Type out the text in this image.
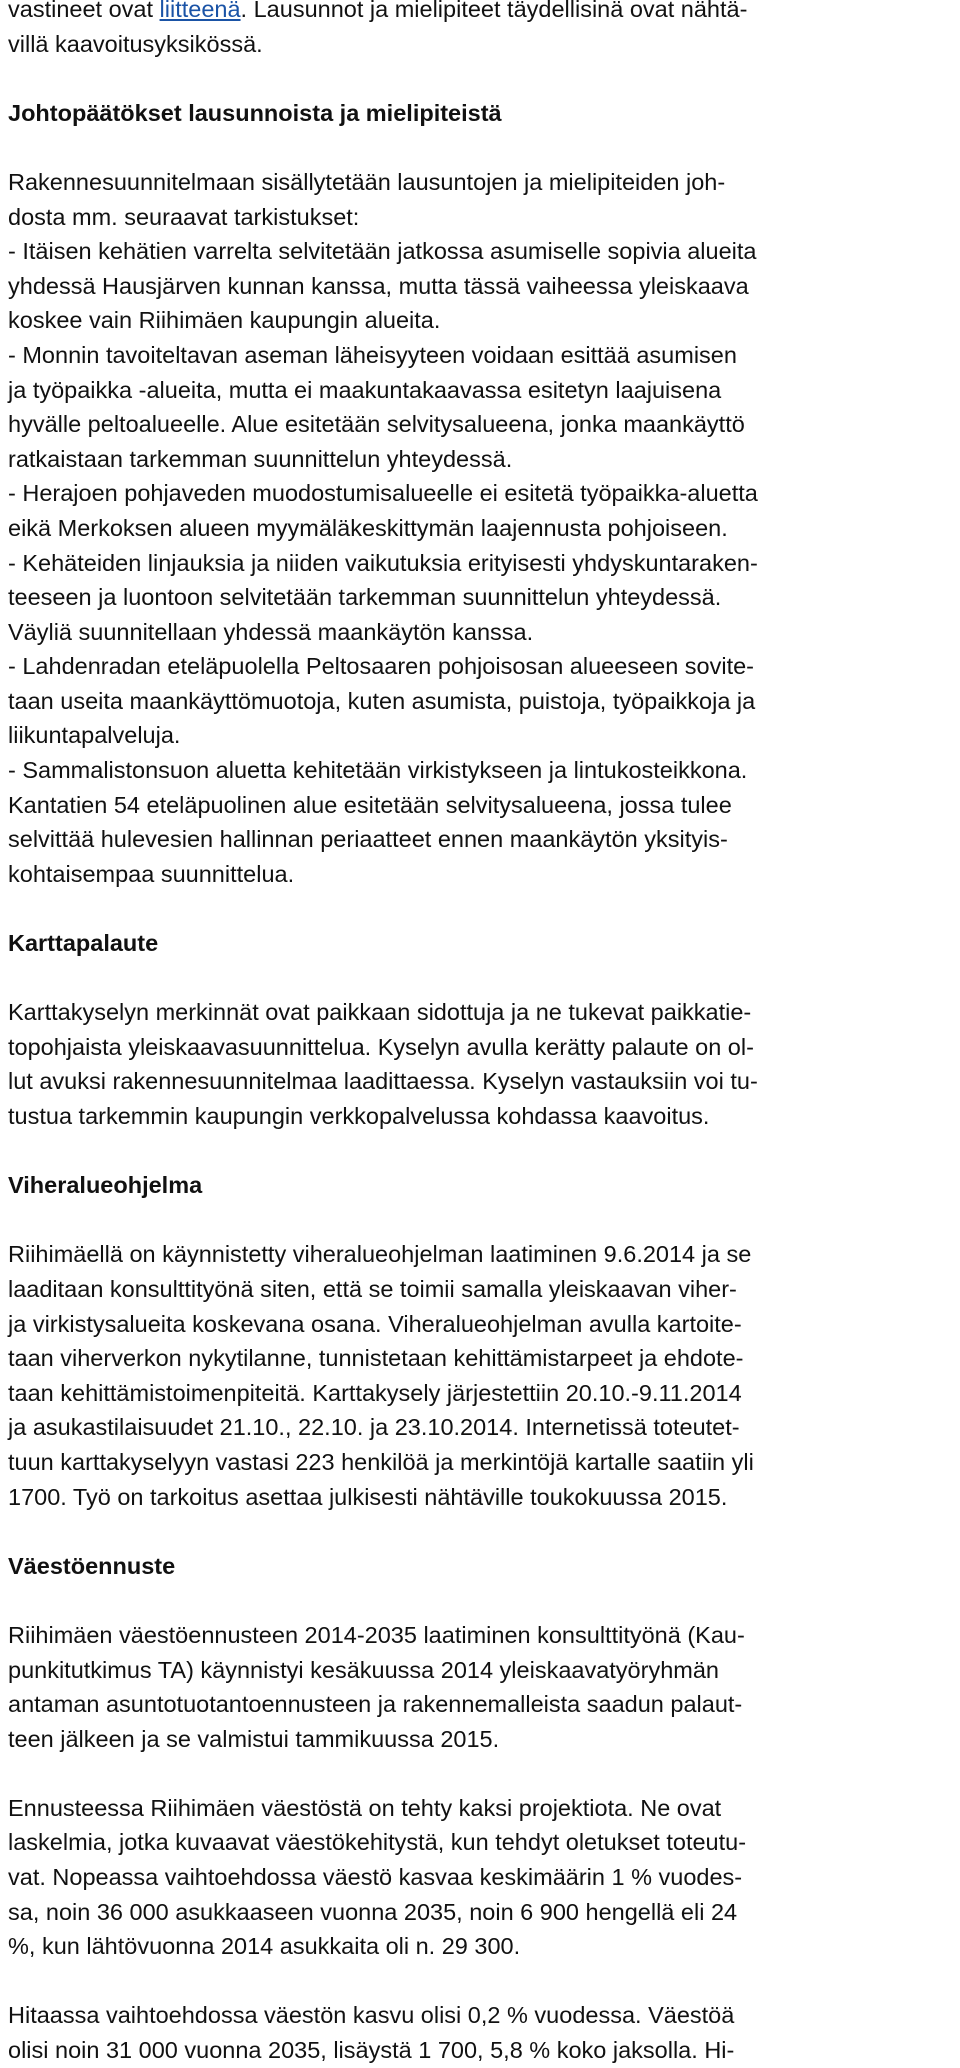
vastineet ovat liitteenä. Lausunnot ja mielipiteet täydellisinä ovat nähtä-

villä kaavoitusyksikössä.

Johtopäätökset lausunnoista ja mielipiteistä

Rakennesuunnitelmaan sisällytetään lausuntojen ja mielipiteiden joh-

dosta mm. seuraavat tarkistukset:

- Itäisen kehätien varrelta selvitetään jatkossa asumiselle sopivia alueita

yhdessä Hausjärven kunnan kanssa, mutta tässä vaiheessa yleiskaava

koskee vain Riihimäen kaupungin alueita.

- Monnin tavoiteltavan aseman läheisyyteen voidaan esittää asumisen

ja työpaikka -alueita, mutta ei maakuntakaavassa esitetyn laajuisena

hyvälle peltoalueelle. Alue esitetään selvitysalueena, jonka maankäyttö

ratkaistaan tarkemman suunnittelun yhteydessä.

- Herajoen pohjaveden muodostumisalueelle ei esitetä työpaikka-aluetta

eikä Merkoksen alueen myymäläkeskittymän laajennusta pohjoiseen.

- Kehäteiden linjauksia ja niiden vaikutuksia erityisesti yhdyskuntaraken-

teeseen ja luontoon selvitetään tarkemman suunnittelun yhteydessä.

Väyliä suunnitellaan yhdessä maankäytön kanssa.

- Lahdenradan eteläpuolella Peltosaaren pohjoisosan alueeseen sovite-

taan useita maankäyttömuotoja, kuten asumista, puistoja, työpaikkoja ja

liikuntapalveluja.

- Sammalistonsuon aluetta kehitetään virkistykseen ja lintukosteikkona.

Kantatien 54 eteläpuolinen alue esitetään selvitysalueena, jossa tulee

selvittää hulevesien hallinnan periaatteet ennen maankäytön yksityis-

kohtaisempaa suunnittelua.

Karttapalaute

Karttakyselyn merkinnät ovat paikkaan sidottuja ja ne tukevat paikkatie-

topohjaista yleiskaavasuunnittelua. Kyselyn avulla kerätty palaute on ol-

lut avuksi rakennesuunnitelmaa laadittaessa. Kyselyn vastauksiin voi tu-

tustua tarkemmin kaupungin verkkopalvelussa kohdassa kaavoitus.

Viheralueohjelma

Riihimäellä on käynnistetty viheralueohjelman laatiminen 9.6.2014 ja se

laaditaan konsulttityönä siten, että se toimii samalla yleiskaavan viher-

ja virkistysalueita koskevana osana. Viheralueohjelman avulla kartoite-

taan viherverkon nykytilanne, tunnistetaan kehittämistarpeet ja ehdote-

taan kehittämistoimenpiteitä. Karttakysely järjestettiin 20.10.-9.11.2014

ja asukastilaisuudet 21.10., 22.10. ja 23.10.2014. Internetissä toteutet-

tuun karttakyselyyn vastasi 223 henkilöä ja merkintöjä kartalle saatiin yli

1700. Työ on tarkoitus asettaa julkisesti nähtäville toukokuussa 2015.

Väestöennuste

Riihimäen väestöennusteen 2014-2035 laatiminen konsulttityönä (Kau-

punkitutkimus TA) käynnistyi kesäkuussa 2014 yleiskaavatyöryhmän

antaman asuntotuotantoennusteen ja rakennemalleista saadun palaut-

teen jälkeen ja se valmistui tammikuussa 2015.

Ennusteessa Riihimäen väestöstä on tehty kaksi projektiota. Ne ovat

laskelmia, jotka kuvaavat väestökehitystä, kun tehdyt oletukset toteutu-

vat. Nopeassa vaihtoehdossa väestö kasvaa keskimäärin 1 % vuodes-

sa, noin 36 000 asukkaaseen vuonna 2035, noin 6 900 hengellä eli 24

%, kun lähtövuonna 2014 asukkaita oli n. 29 300.

Hitaassa vaihtoehdossa väestön kasvu olisi 0,2 % vuodessa. Väestöä

olisi noin 31 000 vuonna 2035, lisäystä 1 700, 5,8 % koko jaksolla. Hi-
